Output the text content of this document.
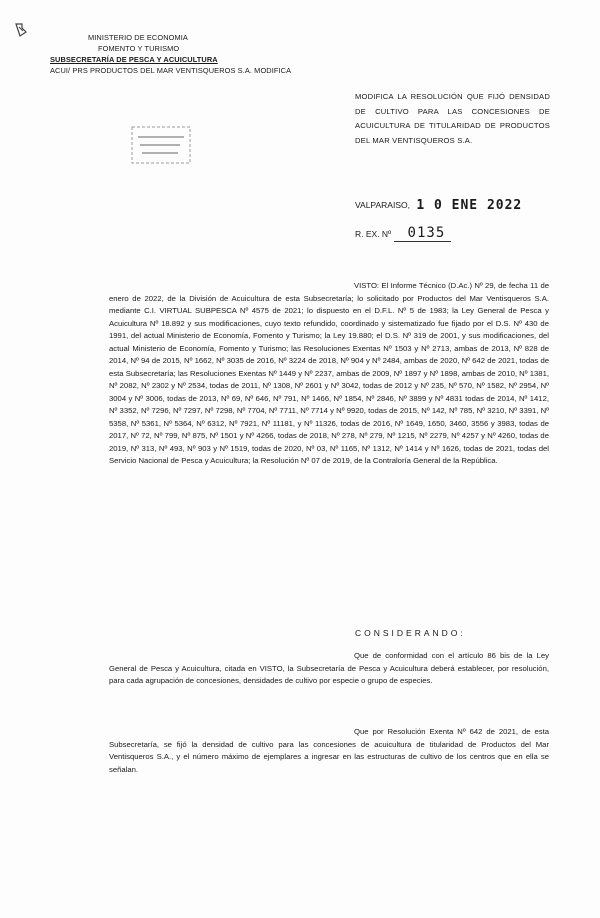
MINISTERIO DE ECONOMIA
FOMENTO Y TURISMO
SUBSECRETARÍA DE PESCA Y ACUICULTURA
ACUI/ PRS PRODUCTOS DEL MAR VENTISQUEROS S.A. MODIFICA
MODIFICA LA RESOLUCIÓN QUE FIJÓ DENSIDAD DE CULTIVO PARA LAS CONCESIONES DE ACUICULTURA DE TITULARIDAD DE PRODUCTOS DEL MAR VENTISQUEROS S.A.
VALPARAISO, 1 0 ENE 2022
R. EX. Nº 0135
VISTO: El Informe Técnico (D.Ac.) Nº 29, de fecha 11 de enero de 2022, de la División de Acuicultura de esta Subsecretaría; lo solicitado por Productos del Mar Ventisqueros S.A. mediante C.I. VIRTUAL SUBPESCA Nº 4575 de 2021; lo dispuesto en el D.F.L. Nº 5 de 1983; la Ley General de Pesca y Acuicultura Nº 18.892 y sus modificaciones, cuyo texto refundido, coordinado y sistematizado fue fijado por el D.S. Nº 430 de 1991, del actual Ministerio de Economía, Fomento y Turismo; la Ley 19.880; el D.S. Nº 319 de 2001, y sus modificaciones, del actual Ministerio de Economía, Fomento y Turismo; las Resoluciones Exentas Nº 1503 y Nº 2713, ambas de 2013, Nº 828 de 2014, Nº 94 de 2015, Nº 1662, Nº 3035 de 2016, Nº 3224 de 2018, Nº 904 y Nº 2484, ambas de 2020, Nº 642 de 2021, todas de esta Subsecretaría; las Resoluciones Exentas Nº 1449 y Nº 2237, ambas de 2009, Nº 1897 y Nº 1898, ambas de 2010, Nº 1381, Nº 2082, Nº 2302 y Nº 2534, todas de 2011, Nº 1308, Nº 2601 y Nº 3042, todas de 2012 y Nº 235, Nº 570, Nº 1582, Nº 2954, Nº 3004 y Nº 3006, todas de 2013, Nº 69, Nº 646, Nº 791, Nº 1466, Nº 1854, Nº 2846, Nº 3899 y Nº 4831 todas de 2014, Nº 1412, Nº 3352, Nº 7296, Nº 7297, Nº 7298, Nº 7704, Nº 7711, Nº 7714 y Nº 9920, todas de 2015, Nº 142, Nº 785, Nº 3210, Nº 3391, Nº 5358, Nº 5361, Nº 5364, Nº 6312, Nº 7921, Nº 11181, y Nº 11326, todas de 2016, Nº 1649, 1650, 3460, 3556 y 3983, todas de 2017, Nº 72, Nº 799, Nº 875, Nº 1501 y Nº 4266, todas de 2018, Nº 278, Nº 279, Nº 1215, Nº 2279, Nº 4257 y Nº 4260, todas de 2019, Nº 313, Nº 493, Nº 903 y Nº 1519, todas de 2020, Nº 03, Nº 1165, Nº 1312, Nº 1414 y Nº 1626, todas de 2021, todas del Servicio Nacional de Pesca y Acuicultura; la Resolución Nº 07 de 2019, de la Contraloría General de la República.
CONSIDERANDO:
Que de conformidad con el artículo 86 bis de la Ley General de Pesca y Acuicultura, citada en VISTO, la Subsecretaría de Pesca y Acuicultura deberá establecer, por resolución, para cada agrupación de concesiones, densidades de cultivo por especie o grupo de especies.
Que por Resolución Exenta Nº 642 de 2021, de esta Subsecretaría, se fijó la densidad de cultivo para las concesiones de acuicultura de titularidad de Productos del Mar Ventisqueros S.A., y el número máximo de ejemplares a ingresar en las estructuras de cultivo de los centros que en ella se señalan.
